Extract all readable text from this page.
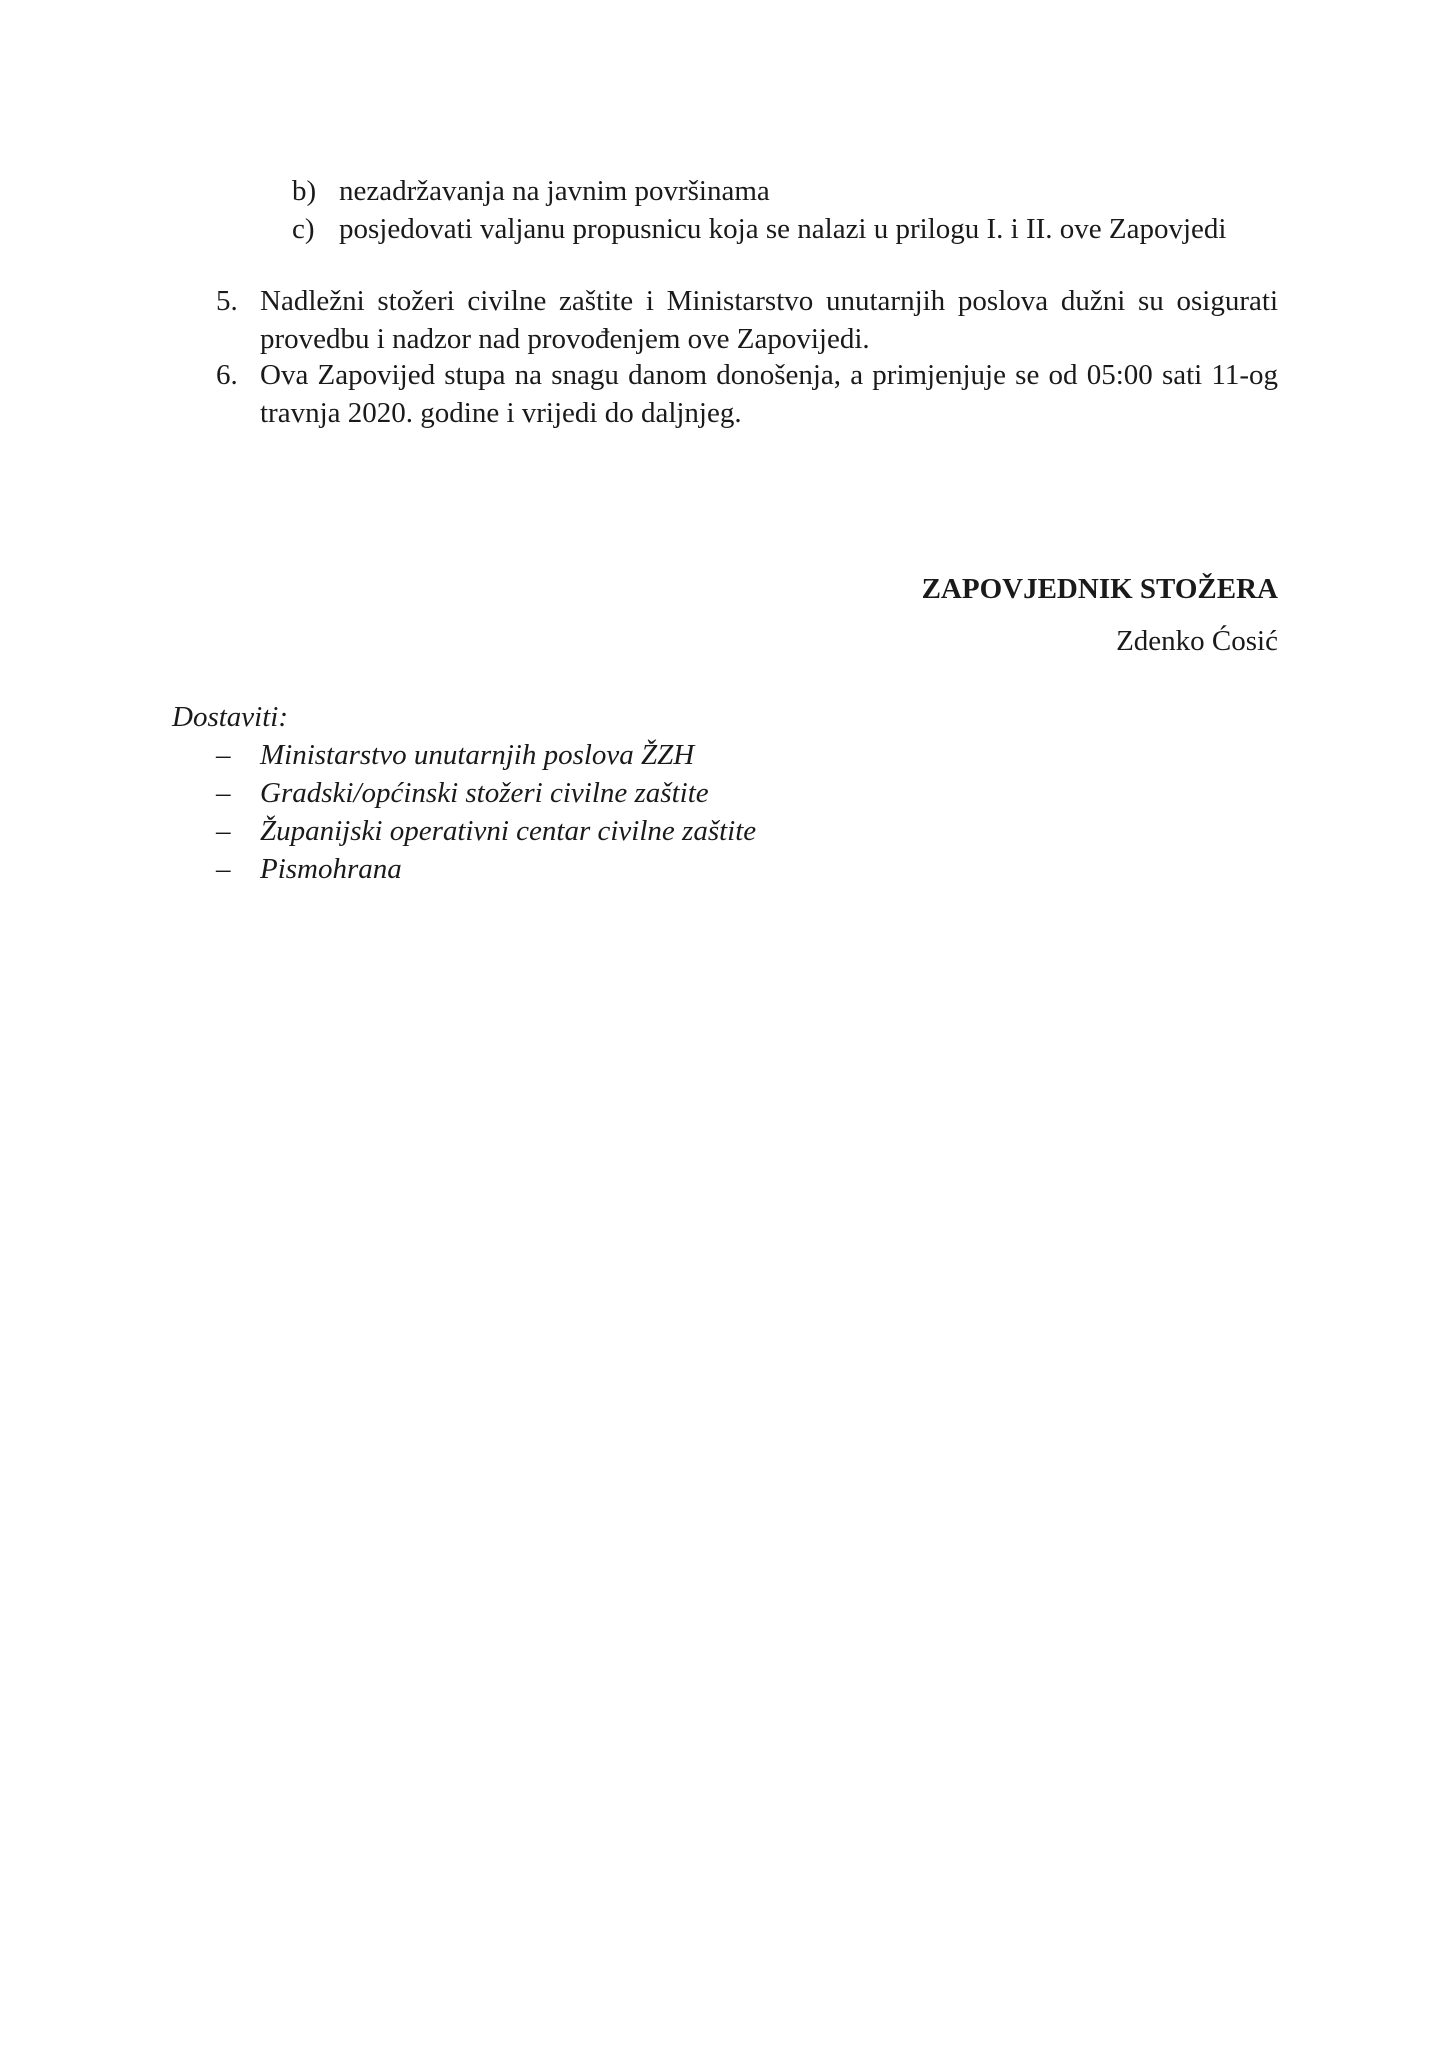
b) nezadržavanja na javnim površinama
c) posjedovati valjanu propusnicu koja se nalazi u prilogu I. i II. ove Zapovjedi
5. Nadležni stožeri civilne zaštite i Ministarstvo unutarnjih poslova dužni su osigurati
provedbu i nadzor nad provođenjem ove Zapovijedi.
6. Ova Zapovijed stupa na snagu danom donošenja, a primjenjuje se od 05:00 sati 11-og
travnja 2020. godine i vrijedi do daljnjeg.
ZAPOVJEDNIK STOŽERA
Zdenko Ćosić
Dostaviti:
– Ministarstvo unutarnjih poslova ŽZH
– Gradski/općinski stožeri civilne zaštite
– Županijski operativni centar civilne zaštite
– Pismohrana
